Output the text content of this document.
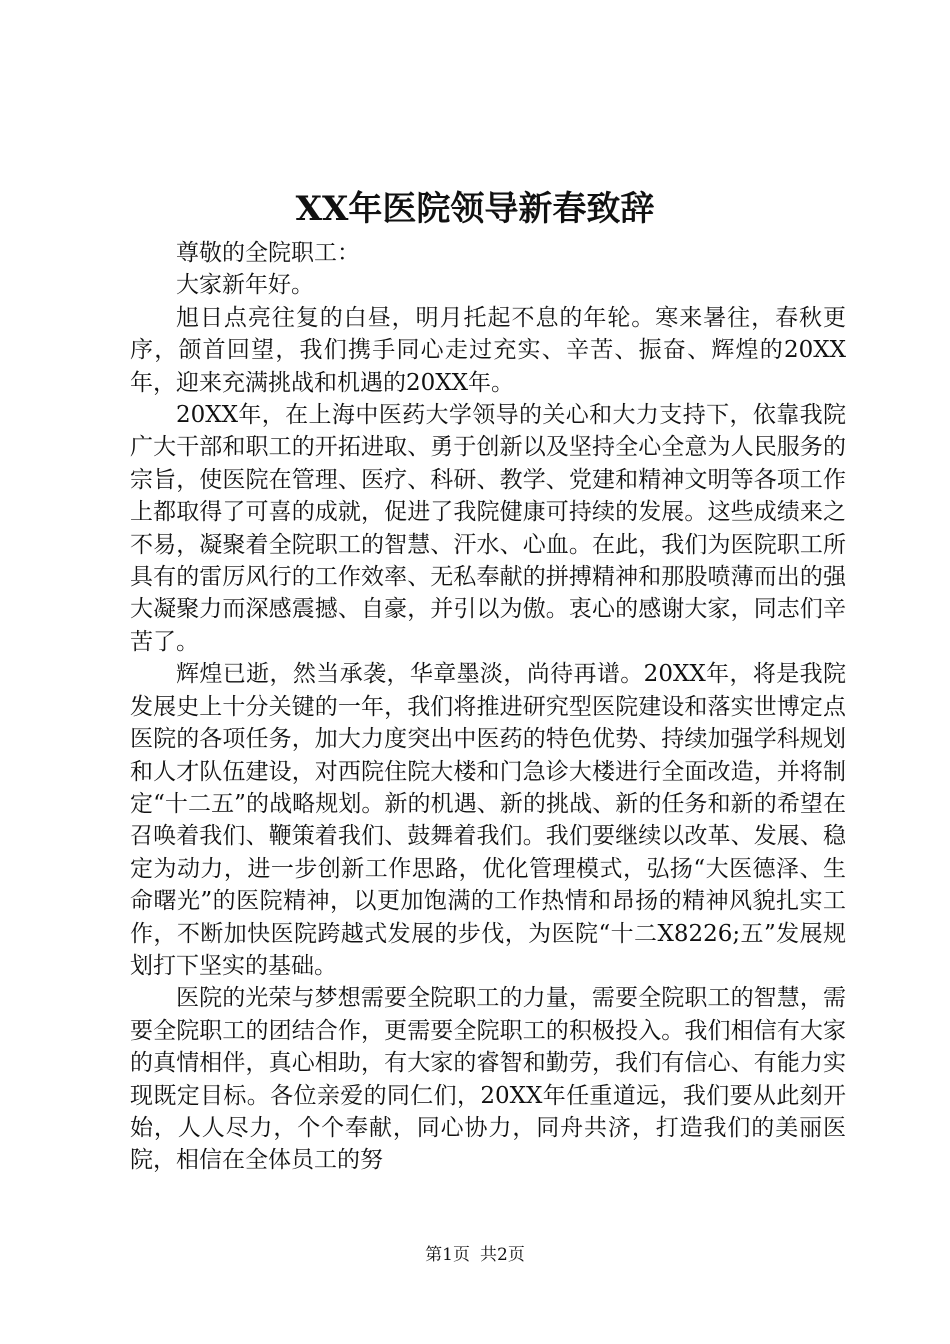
XX年医院领导新春致辞

尊敬的全院职工：

大家新年好。

旭日点亮往复的白昼，明月托起不息的年轮。寒来暑往，春秋更序，颌首回望，我们携手同心走过充实、辛苦、振奋、辉煌的20XX年，迎来充满挑战和机遇的20XX年。

20XX年，在上海中医药大学领导的关心和大力支持下，依靠我院广大干部和职工的开拓进取、勇于创新以及坚持全心全意为人民服务的宗旨，使医院在管理、医疗、科研、教学、党建和精神文明等各项工作上都取得了可喜的成就，促进了我院健康可持续的发展。这些成绩来之不易，凝聚着全院职工的智慧、汗水、心血。在此，我们为医院职工所具有的雷厉风行的工作效率、无私奉献的拼搏精神和那股喷薄而出的强大凝聚力而深感震撼、自豪，并引以为傲。衷心的感谢大家，同志们辛苦了。

辉煌已逝，然当承袭，华章墨淡，尚待再谱。20XX年，将是我院发展史上十分关键的一年，我们将推进研究型医院建设和落实世博定点医院的各项任务，加大力度突出中医药的特色优势、持续加强学科规划和人才队伍建设，对西院住院大楼和门急诊大楼进行全面改造，并将制定“十二五”的战略规划。新的机遇、新的挑战、新的任务和新的希望在召唤着我们、鞭策着我们、鼓舞着我们。我们要继续以改革、发展、稳定为动力，进一步创新工作思路，优化管理模式，弘扬“大医德泽、生命曙光”的医院精神，以更加饱满的工作热情和昂扬的精神风貌扎实工作，不断加快医院跨越式发展的步伐，为医院“十二X8226;五”发展规划打下坚实的基础。

医院的光荣与梦想需要全院职工的力量，需要全院职工的智慧，需要全院职工的团结合作，更需要全院职工的积极投入。我们相信有大家的真情相伴，真心相助，有大家的睿智和勤劳，我们有信心、有能力实现既定目标。各位亲爱的同仁们，20XX年任重道远，我们要从此刻开始，人人尽力，个个奉献，同心协力，同舟共济，打造我们的美丽医院，相信在全体员工的努

第1页 共2页
